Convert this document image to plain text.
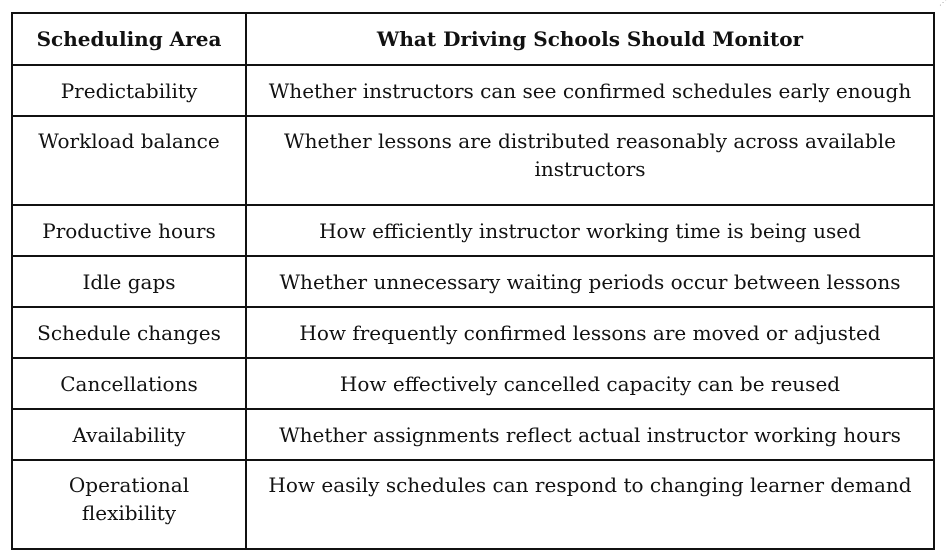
Scheduling Area	What Driving Schools Should Monitor
Predictability	Whether instructors can see confirmed schedules early enough
Workload balance	Whether lessons are distributed reasonably across available instructors
Productive hours	How efficiently instructor working time is being used
Idle gaps	Whether unnecessary waiting periods occur between lessons
Schedule changes	How frequently confirmed lessons are moved or adjusted
Cancellations	How effectively cancelled capacity can be reused
Availability	Whether assignments reflect actual instructor working hours
Operational flexibility	How easily schedules can respond to changing learner demand
⋰
